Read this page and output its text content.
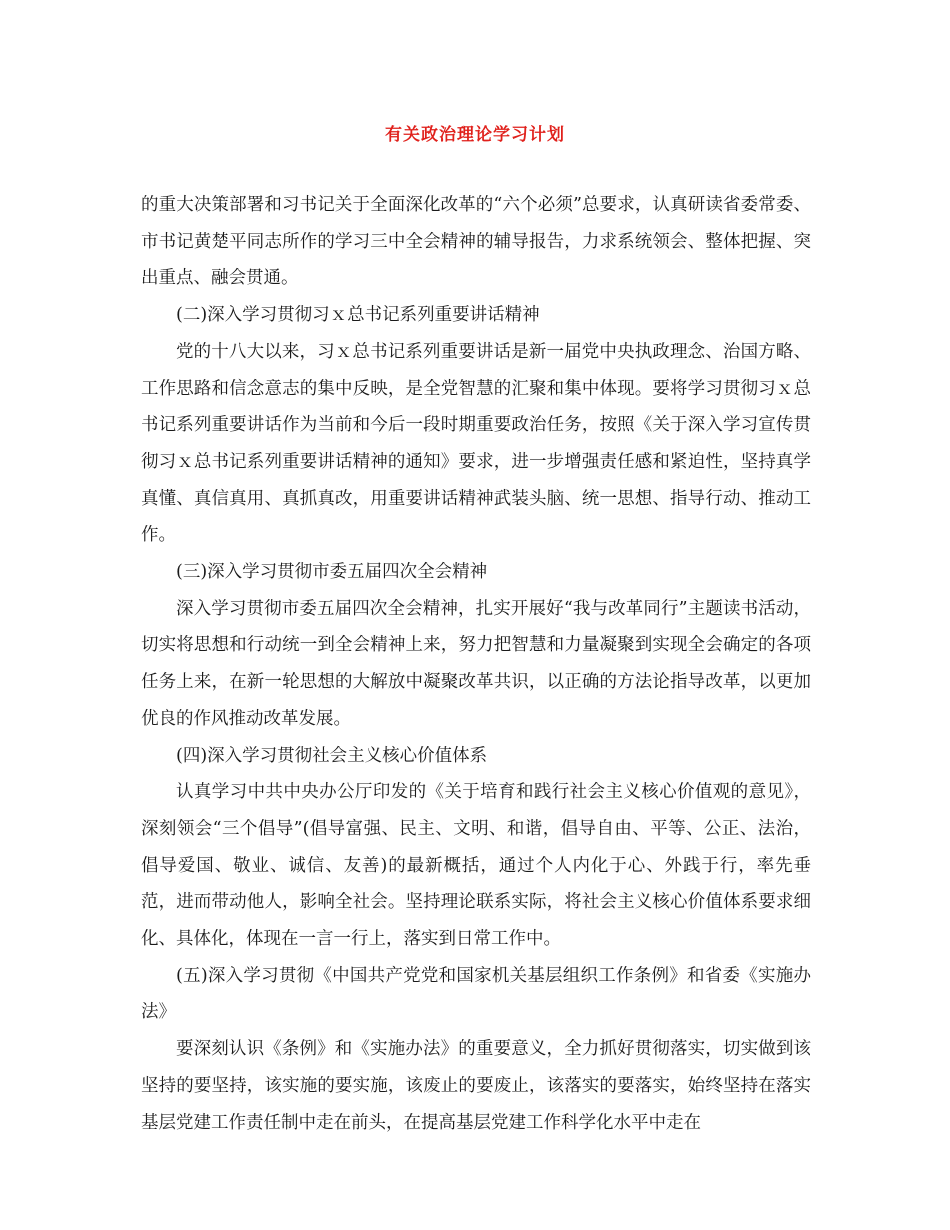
有关政治理论学习计划

的重大决策部署和习书记关于全面深化改革的“六个必须”总要求，认真研读省委常委、市书记黄楚平同志所作的学习三中全会精神的辅导报告，力求系统领会、整体把握、突出重点、融会贯通。

(二)深入学习贯彻习ｘ总书记系列重要讲话精神

党的十八大以来，习ｘ总书记系列重要讲话是新一届党中央执政理念、治国方略、工作思路和信念意志的集中反映，是全党智慧的汇聚和集中体现。要将学习贯彻习ｘ总书记系列重要讲话作为当前和今后一段时期重要政治任务，按照《关于深入学习宣传贯彻习ｘ总书记系列重要讲话精神的通知》要求，进一步增强责任感和紧迫性，坚持真学真懂、真信真用、真抓真改，用重要讲话精神武装头脑、统一思想、指导行动、推动工作。

(三)深入学习贯彻市委五届四次全会精神

深入学习贯彻市委五届四次全会精神，扎实开展好“我与改革同行”主题读书活动，切实将思想和行动统一到全会精神上来，努力把智慧和力量凝聚到实现全会确定的各项任务上来，在新一轮思想的大解放中凝聚改革共识，以正确的方法论指导改革，以更加优良的作风推动改革发展。

(四)深入学习贯彻社会主义核心价值体系

认真学习中共中央办公厅印发的《关于培育和践行社会主义核心价值观的意见》，深刻领会“三个倡导”(倡导富强、民主、文明、和谐，倡导自由、平等、公正、法治，倡导爱国、敬业、诚信、友善)的最新概括，通过个人内化于心、外践于行，率先垂范，进而带动他人，影响全社会。坚持理论联系实际，将社会主义核心价值体系要求细化、具体化，体现在一言一行上，落实到日常工作中。

(五)深入学习贯彻《中国共产党党和国家机关基层组织工作条例》和省委《实施办法》

要深刻认识《条例》和《实施办法》的重要意义，全力抓好贯彻落实，切实做到该坚持的要坚持，该实施的要实施，该废止的要废止，该落实的要落实，始终坚持在落实基层党建工作责任制中走在前头，在提高基层党建工作科学化水平中走在
